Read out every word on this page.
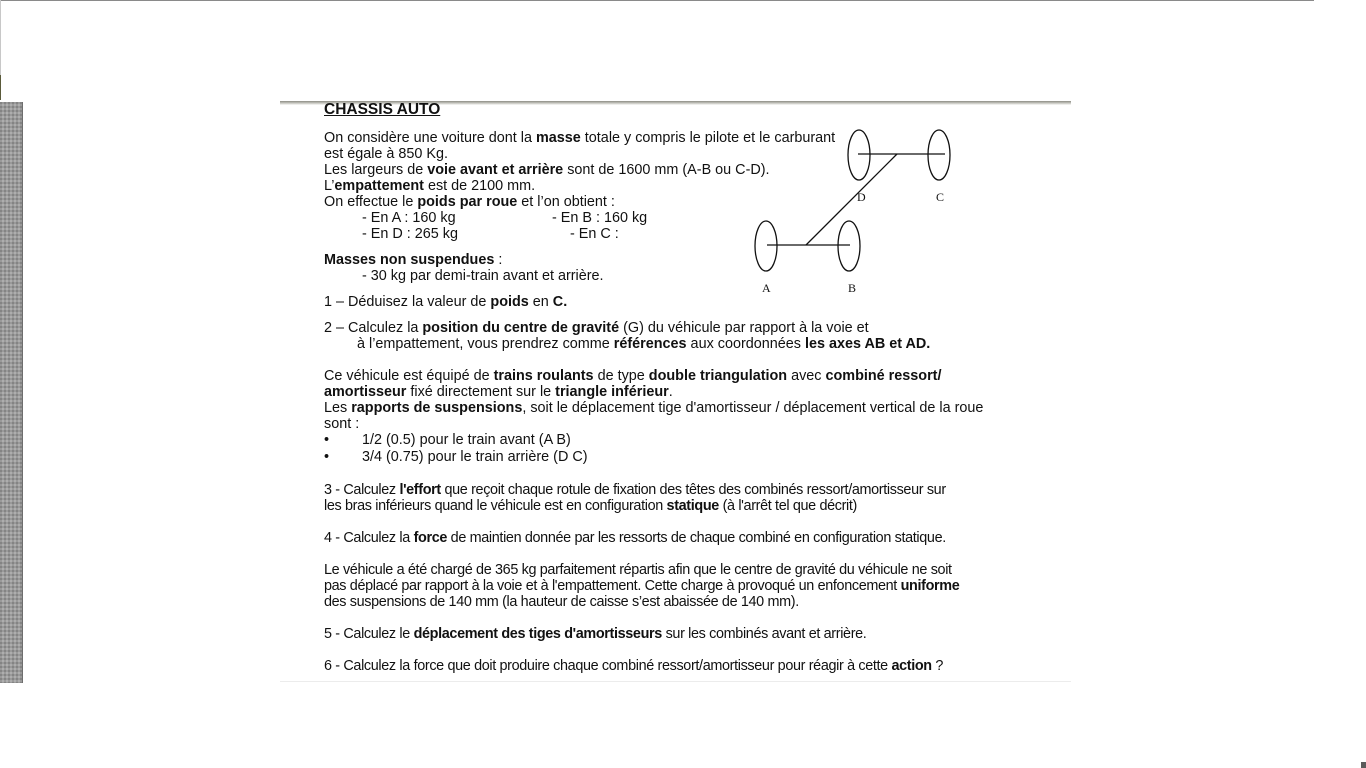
CHASSIS AUTO
On considère une voiture dont la masse totale y compris le pilote et le carburant
est égale à 850 Kg.
Les largeurs de voie avant et arrière sont de 1600 mm (A-B ou C-D).
L’empattement est de 2100 mm.
On effectue le poids par roue et l’on obtient :
- En A : 160 kg	- En B : 160 kg
- En D : 265 kg	- En C :
Masses non suspendues :
- 30 kg par demi-train avant et arrière.
1 – Déduisez la valeur de poids en C.
2 – Calculez la position du centre de gravité (G) du véhicule par rapport à la voie et
à l’empattement, vous prendrez comme références aux coordonnées les axes AB et AD.
Ce véhicule est équipé de trains roulants de type double triangulation avec combiné ressort/
amortisseur fixé directement sur le triangle inférieur.
Les rapports de suspensions, soit le déplacement tige d'amortisseur / déplacement vertical de la roue
sont :
• 1/2 (0.5) pour le train avant (A B)
• 3/4 (0.75) pour le train arrière (D C)
3 - Calculez l'effort que reçoit chaque rotule de fixation des têtes des combinés ressort/amortisseur sur
les bras inférieurs quand le véhicule est en configuration statique (à l'arrêt tel que décrit)
4 - Calculez la force de maintien donnée par les ressorts de chaque combiné en configuration statique.
Le véhicule a été chargé de 365 kg parfaitement répartis afin que le centre de gravité du véhicule ne soit
pas déplacé par rapport à la voie et à l'empattement. Cette charge à provoqué un enfoncement uniforme
des suspensions de 140 mm (la hauteur de caisse s’est abaissée de 140 mm).
5 - Calculez le déplacement des tiges d'amortisseurs sur les combinés avant et arrière.
6 - Calculez la force que doit produire chaque combiné ressort/amortisseur pour réagir à cette action ?
D	C
A	B
